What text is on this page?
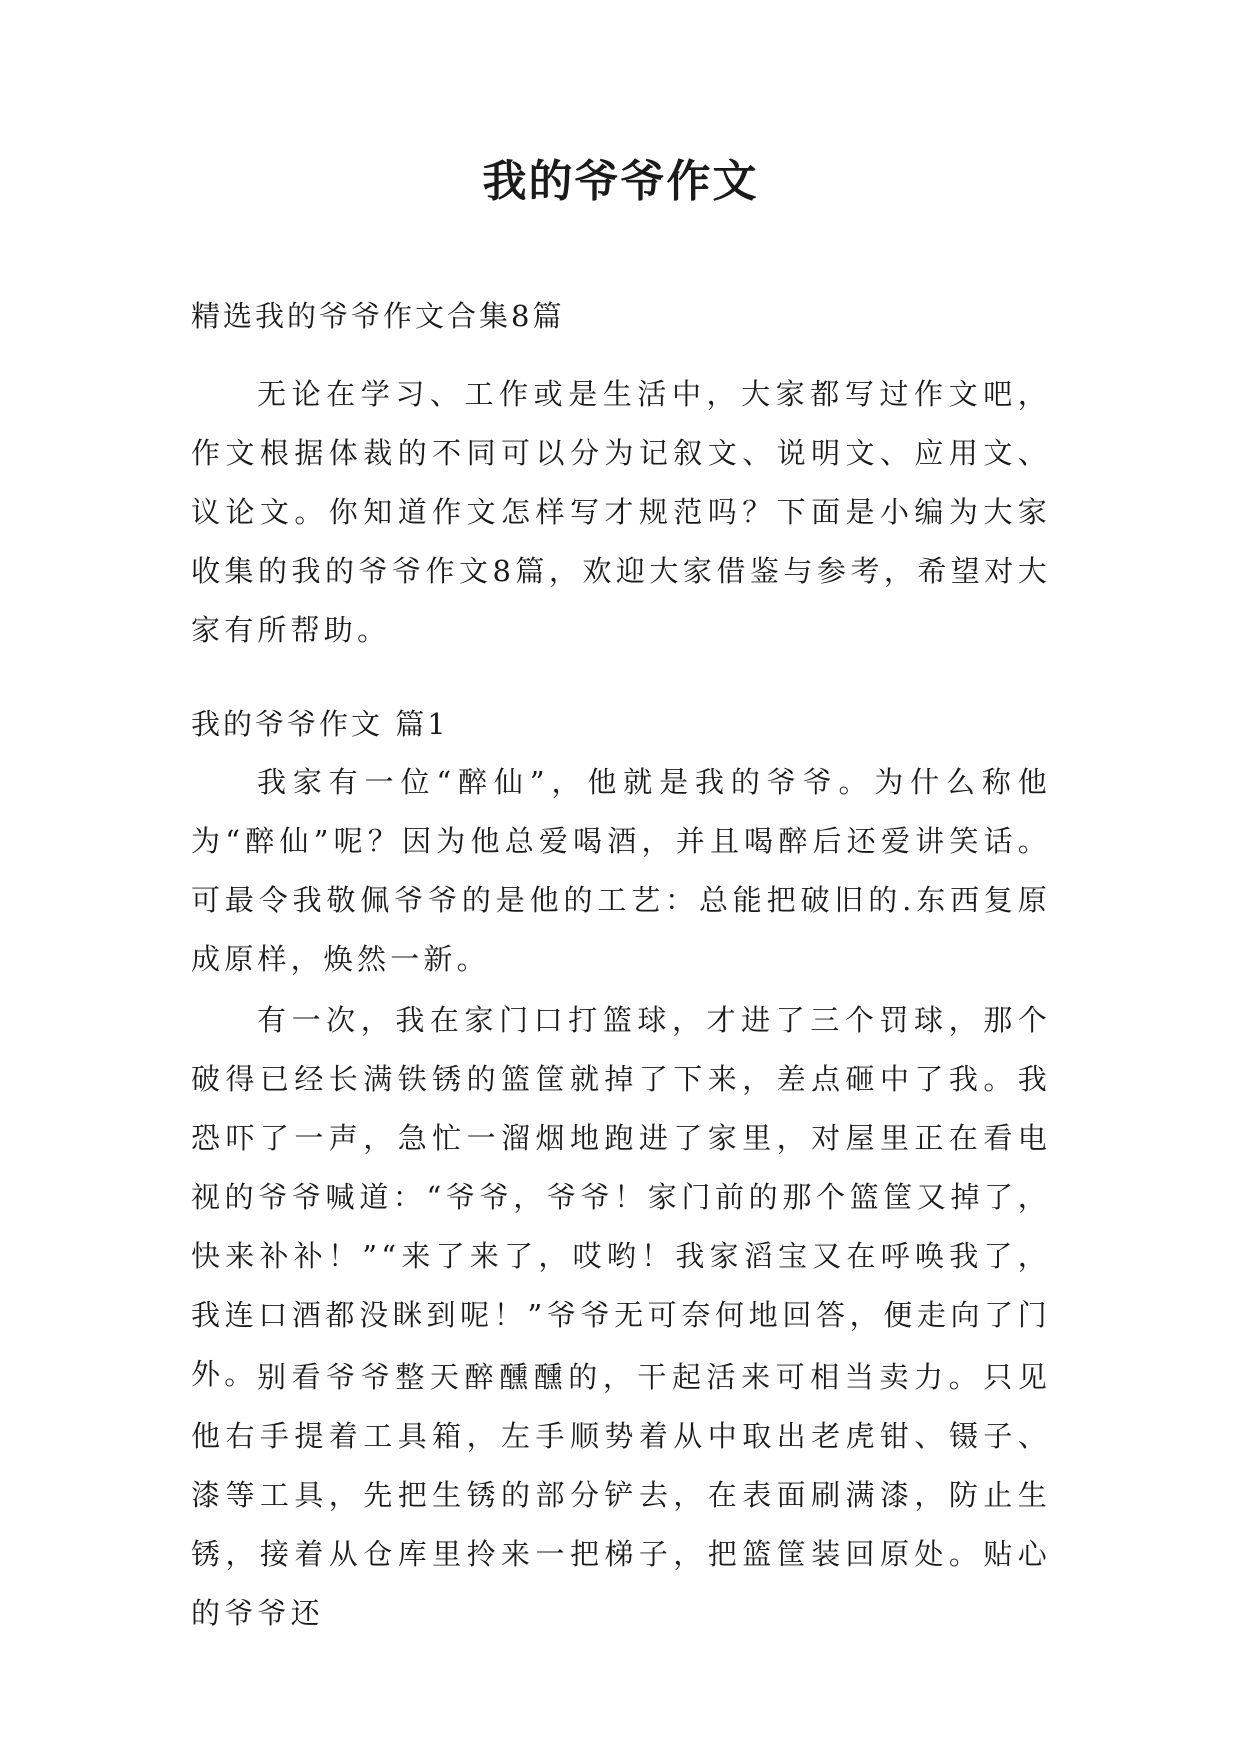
我的爷爷作文
精选我的爷爷作文合集8篇
无论在学习、工作或是生活中，大家都写过作文吧，作文根据体裁的不同可以分为记叙文、说明文、应用文、议论文。你知道作文怎样写才规范吗？下面是小编为大家收集的我的爷爷作文8篇，欢迎大家借鉴与参考，希望对大家有所帮助。
我的爷爷作文 篇1
我家有一位“醉仙”，他就是我的爷爷。为什么称他为“醉仙”呢？因为他总爱喝酒，并且喝醉后还爱讲笑话。可最令我敬佩爷爷的是他的工艺：总能把破旧的.东西复原成原样，焕然一新。
有一次，我在家门口打篮球，才进了三个罚球，那个破得已经长满铁锈的篮筐就掉了下来，差点砸中了我。我恐吓了一声，急忙一溜烟地跑进了家里，对屋里正在看电视的爷爷喊道：“爷爷，爷爷！家门前的那个篮筐又掉了，快来补补！”“来了来了，哎哟！我家滔宝又在呼唤我了，我连口酒都没眯到呢！”爷爷无可奈何地回答，便走向了门外。 别看爷爷整天醉醺醺的，干起活来可相当卖力。只见他右手提着工具箱，左手顺势着从中取出老虎钳、镊子、漆等工具，先把生锈的部分铲去，在表面刷满漆，防止生锈，接着从仓库里拎来一把梯子，把篮筐装回原处。贴心的爷爷还
